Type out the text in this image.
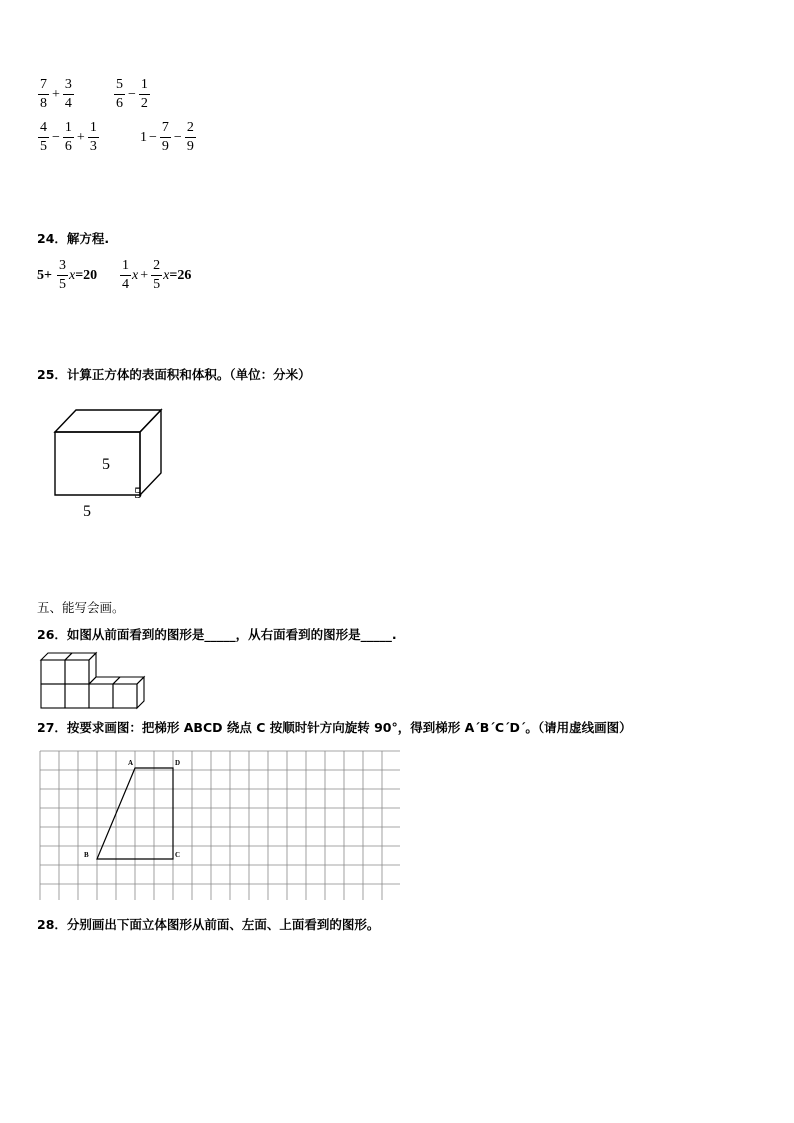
$\frac{7}{8} + \frac{3}{4}$	$\frac{5}{6} - \frac{1}{2}$
$\frac{4}{5} - \frac{1}{6} + \frac{1}{3}$	$1 - \frac{7}{9} - \frac{2}{9}$
24．解方程.
$5+ \frac{3}{5}$ $x =20 \frac{1}{4}$ $x + \frac{2}{5}$ x =26
25．计算正方体的表面积和体积。（单位：分米）
5
5
5
五、能写会画。
26．如图从前面看到的图形是_____，从右面看到的图形是_____.
27．按要求画图：把梯形 ABCD 绕点 C 按顺时针方向旋转 90°，得到梯形 A΄B΄C΄D΄。（请用虚线画图）
A	D
B	C
28．分别画出下面立体图形从前面、左面、上面看到的图形。
